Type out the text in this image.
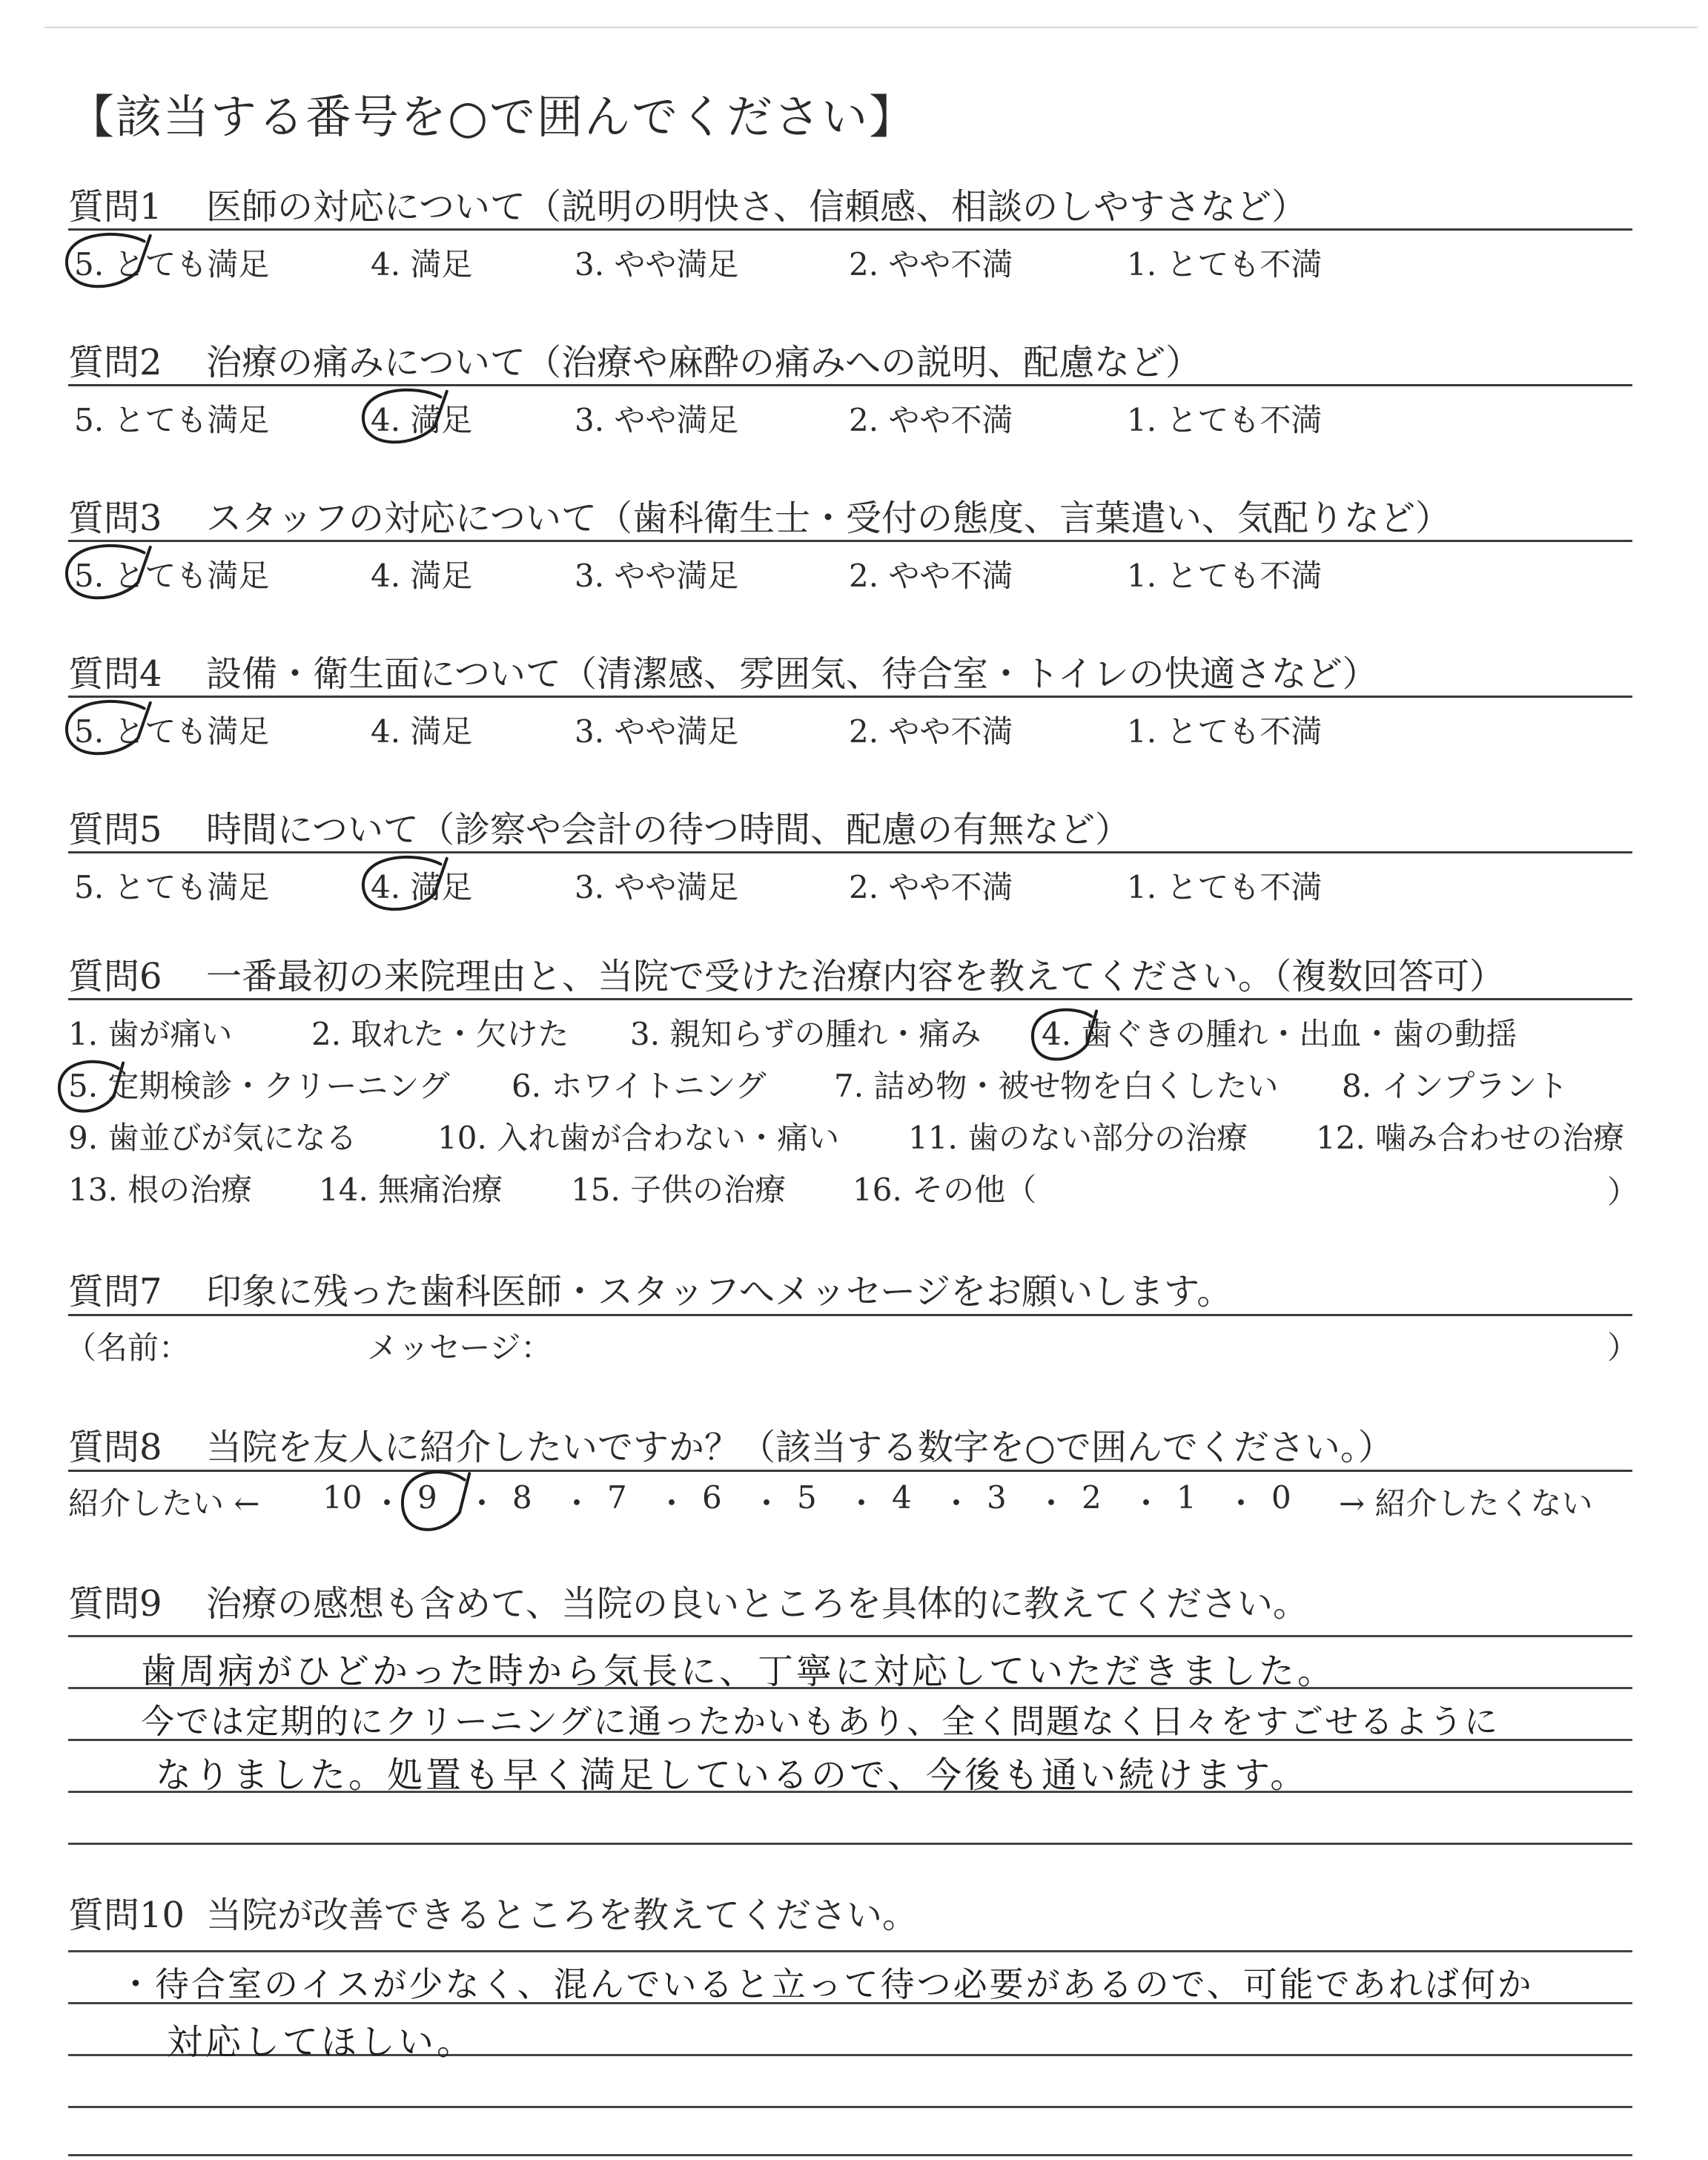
【該当する番号を○で囲んでください】
質問1 医師の対応について（説明の明快さ、信頼感、相談のしやすさなど）
5. とても満足	4. 満足	3. やや満足	2. やや不満	1. とても不満
質問2 治療の痛みについて（治療や麻酔の痛みへの説明、配慮など）
5. とても満足	4. 満足	3. やや満足	2. やや不満	1. とても不満
質問3 スタッフの対応について（歯科衛生士・受付の態度、言葉遣い、気配りなど）
5. とても満足	4. 満足	3. やや満足	2. やや不満	1. とても不満
質問4 設備・衛生面について（清潔感、雰囲気、待合室・トイレの快適さなど）
5. とても満足	4. 満足	3. やや満足	2. やや不満	1. とても不満
質問5 時間について（診察や会計の待つ時間、配慮の有無など）
5. とても満足	4. 満足	3. やや満足	2. やや不満	1. とても不満
質問6 一番最初の来院理由と、当院で受けた治療内容を教えてください。（複数回答可）
1. 歯が痛い	2. 取れた・欠けた 3. 親知らずの腫れ・痛み 4. 歯ぐきの腫れ・出血・歯の動揺
5. 定期検診・クリーニング 6. ホワイトニング 7. 詰め物・被せ物を白くしたい 8. インプラント
9. 歯並びが気になる	10. 入れ歯が合わない・痛い 11. 歯のない部分の治療 12. 噛み合わせの治療
13. 根の治療 14. 無痛治療 15. 子供の治療 16. その他（	）
質問7 印象に残った歯科医師・スタッフへメッセージをお願いします。
（名前：	メッセージ：	）
質問8 当院を友人に紹介したいですか？（該当する数字を○で囲んでください。）
紹介したい ← 10 ・ 9 ・ 8 ・ 7 ・ 6 ・ 5 ・ 4 ・ 3 ・ 2 ・ 1 ・ 0 → 紹介したくない
質問9 治療の感想も含めて、当院の良いところを具体的に教えてください。
歯周病がひどかった時から気長に、丁寧に対応していただきました。
今では定期的にクリーニングに通ったかいもあり、全く問題なく日々をすごせるように
なりました。処置も早く満足しているので、今後も通い続けます。
質問10 当院が改善できるところを教えてください。
・待合室のイスが少なく、混んでいると立って待つ必要があるので、可能であれば何か
対応してほしい。
